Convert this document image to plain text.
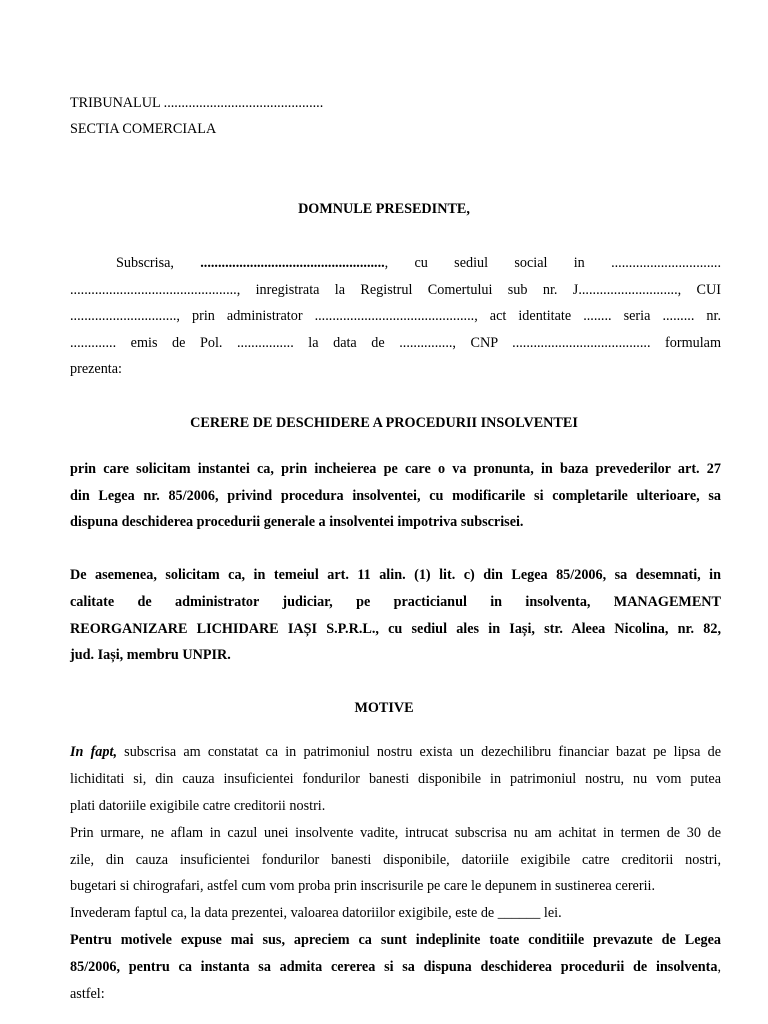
TRIBUNALUL .............................................
SECTIA COMERCIALA
DOMNULE PRESEDINTE,
Subscrisa, ...................................................., cu sediul social in ...............................
..............................................., inregistrata la Registrul Comertului sub nr. J............................, CUI
.............................., prin administrator ............................................., act identitate ........ seria ......... nr.
............. emis de Pol. ................ la data de ..............., CNP ....................................... formulam
prezenta:
CERERE DE DESCHIDERE A PROCEDURII INSOLVENTEI
prin care solicitam instantei ca, prin incheierea pe care o va pronunta, in baza prevederilor art. 27
din Legea nr. 85/2006, privind procedura insolventei, cu modificarile si completarile ulterioare, sa
dispuna deschiderea procedurii generale a insolventei impotriva subscrisei.
De asemenea, solicitam ca, in temeiul art. 11 alin. (1) lit. c) din Legea 85/2006, sa desemnati, in
calitate de administrator judiciar, pe practicianul in insolventa, MANAGEMENT
REORGANIZARE LICHIDARE IAȘI S.P.R.L., cu sediul ales in Iași, str. Aleea Nicolina, nr. 82,
jud. Iași, membru UNPIR.
MOTIVE
In fapt, subscrisa am constatat ca in patrimoniul nostru exista un dezechilibru financiar bazat pe lipsa de
lichiditati si, din cauza insuficientei fondurilor banesti disponibile in patrimoniul nostru, nu vom putea
plati datoriile exigibile catre creditorii nostri.
Prin urmare, ne aflam in cazul unei insolvente vadite, intrucat subscrisa nu am achitat in termen de 30 de
zile, din cauza insuficientei fondurilor banesti disponibile, datoriile exigibile catre creditorii nostri,
bugetari si chirografari, astfel cum vom proba prin inscrisurile pe care le depunem in sustinerea cererii.
Invederam faptul ca, la data prezentei, valoarea datoriilor exigibile, este de ______ lei.
Pentru motivele expuse mai sus, apreciem ca sunt indeplinite toate conditiile prevazute de Legea
85/2006, pentru ca instanta sa admita cererea si sa dispuna deschiderea procedurii de insolventa,
astfel:
